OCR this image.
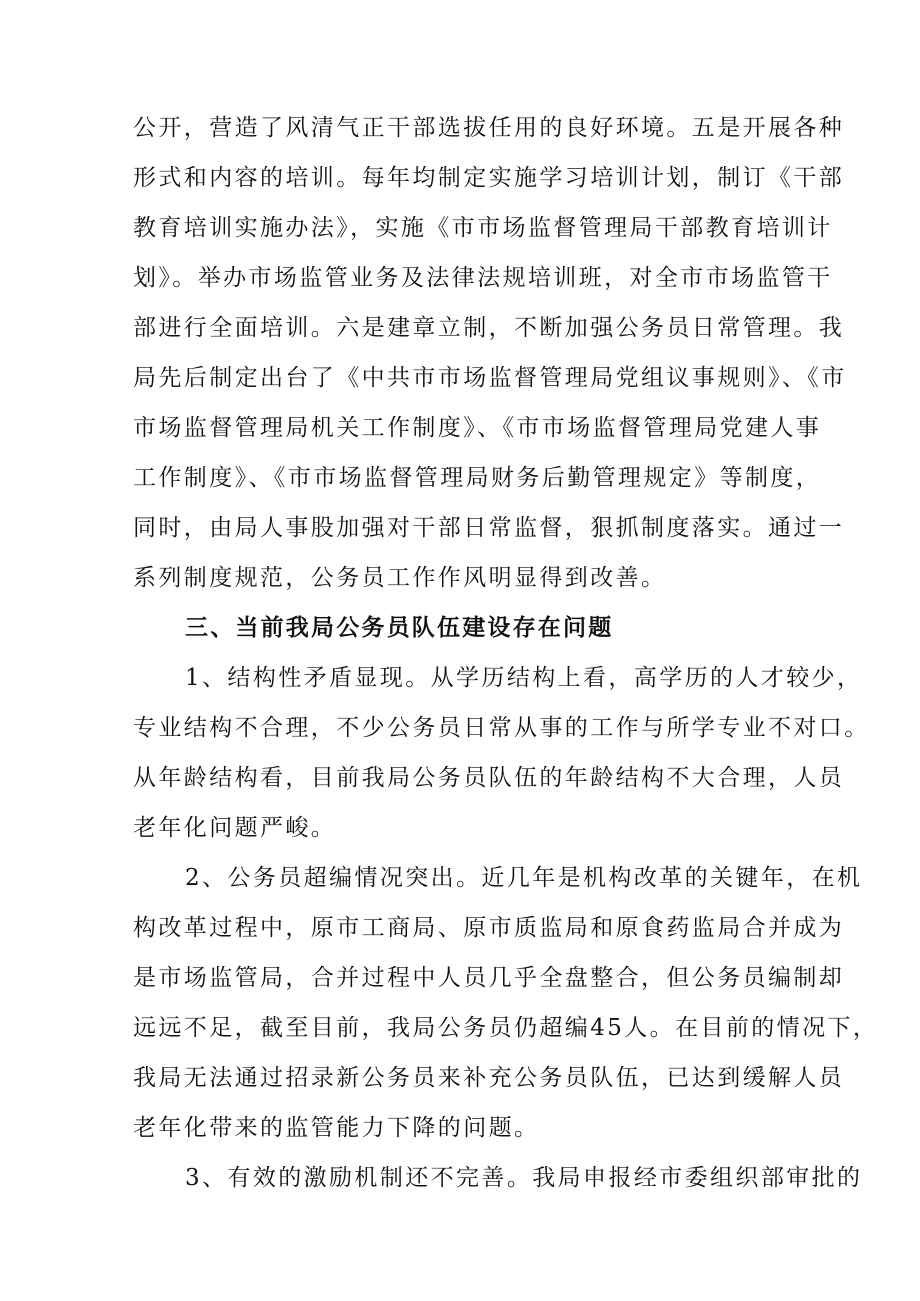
公开，营造了风清气正干部选拔任用的良好环境。五是开展各种
形式和内容的培训。每年均制定实施学习培训计划，制订《干部
教育培训实施办法》，实施《市市场监督管理局干部教育培训计
划》。举办市场监管业务及法律法规培训班，对全市市场监管干
部进行全面培训。六是建章立制，不断加强公务员日常管理。我
局先后制定出台了《中共市市场监督管理局党组议事规则》、《市
市场监督管理局机关工作制度》、《市市场监督管理局党建人事
工作制度》、《市市场监督管理局财务后勤管理规定》等制度，
同时，由局人事股加强对干部日常监督，狠抓制度落实。通过一
系列制度规范，公务员工作作风明显得到改善。
三、当前我局公务员队伍建设存在问题
1、结构性矛盾显现。从学历结构上看，高学历的人才较少，
专业结构不合理，不少公务员日常从事的工作与所学专业不对口。
从年龄结构看，目前我局公务员队伍的年龄结构不大合理，人员
老年化问题严峻。
2、公务员超编情况突出。近几年是机构改革的关键年，在机
构改革过程中，原市工商局、原市质监局和原食药监局合并成为
是市场监管局，合并过程中人员几乎全盘整合，但公务员编制却
远远不足，截至目前，我局公务员仍超编45人。在目前的情况下，
我局无法通过招录新公务员来补充公务员队伍，已达到缓解人员
老年化带来的监管能力下降的问题。
3、有效的激励机制还不完善。我局申报经市委组织部审批的
